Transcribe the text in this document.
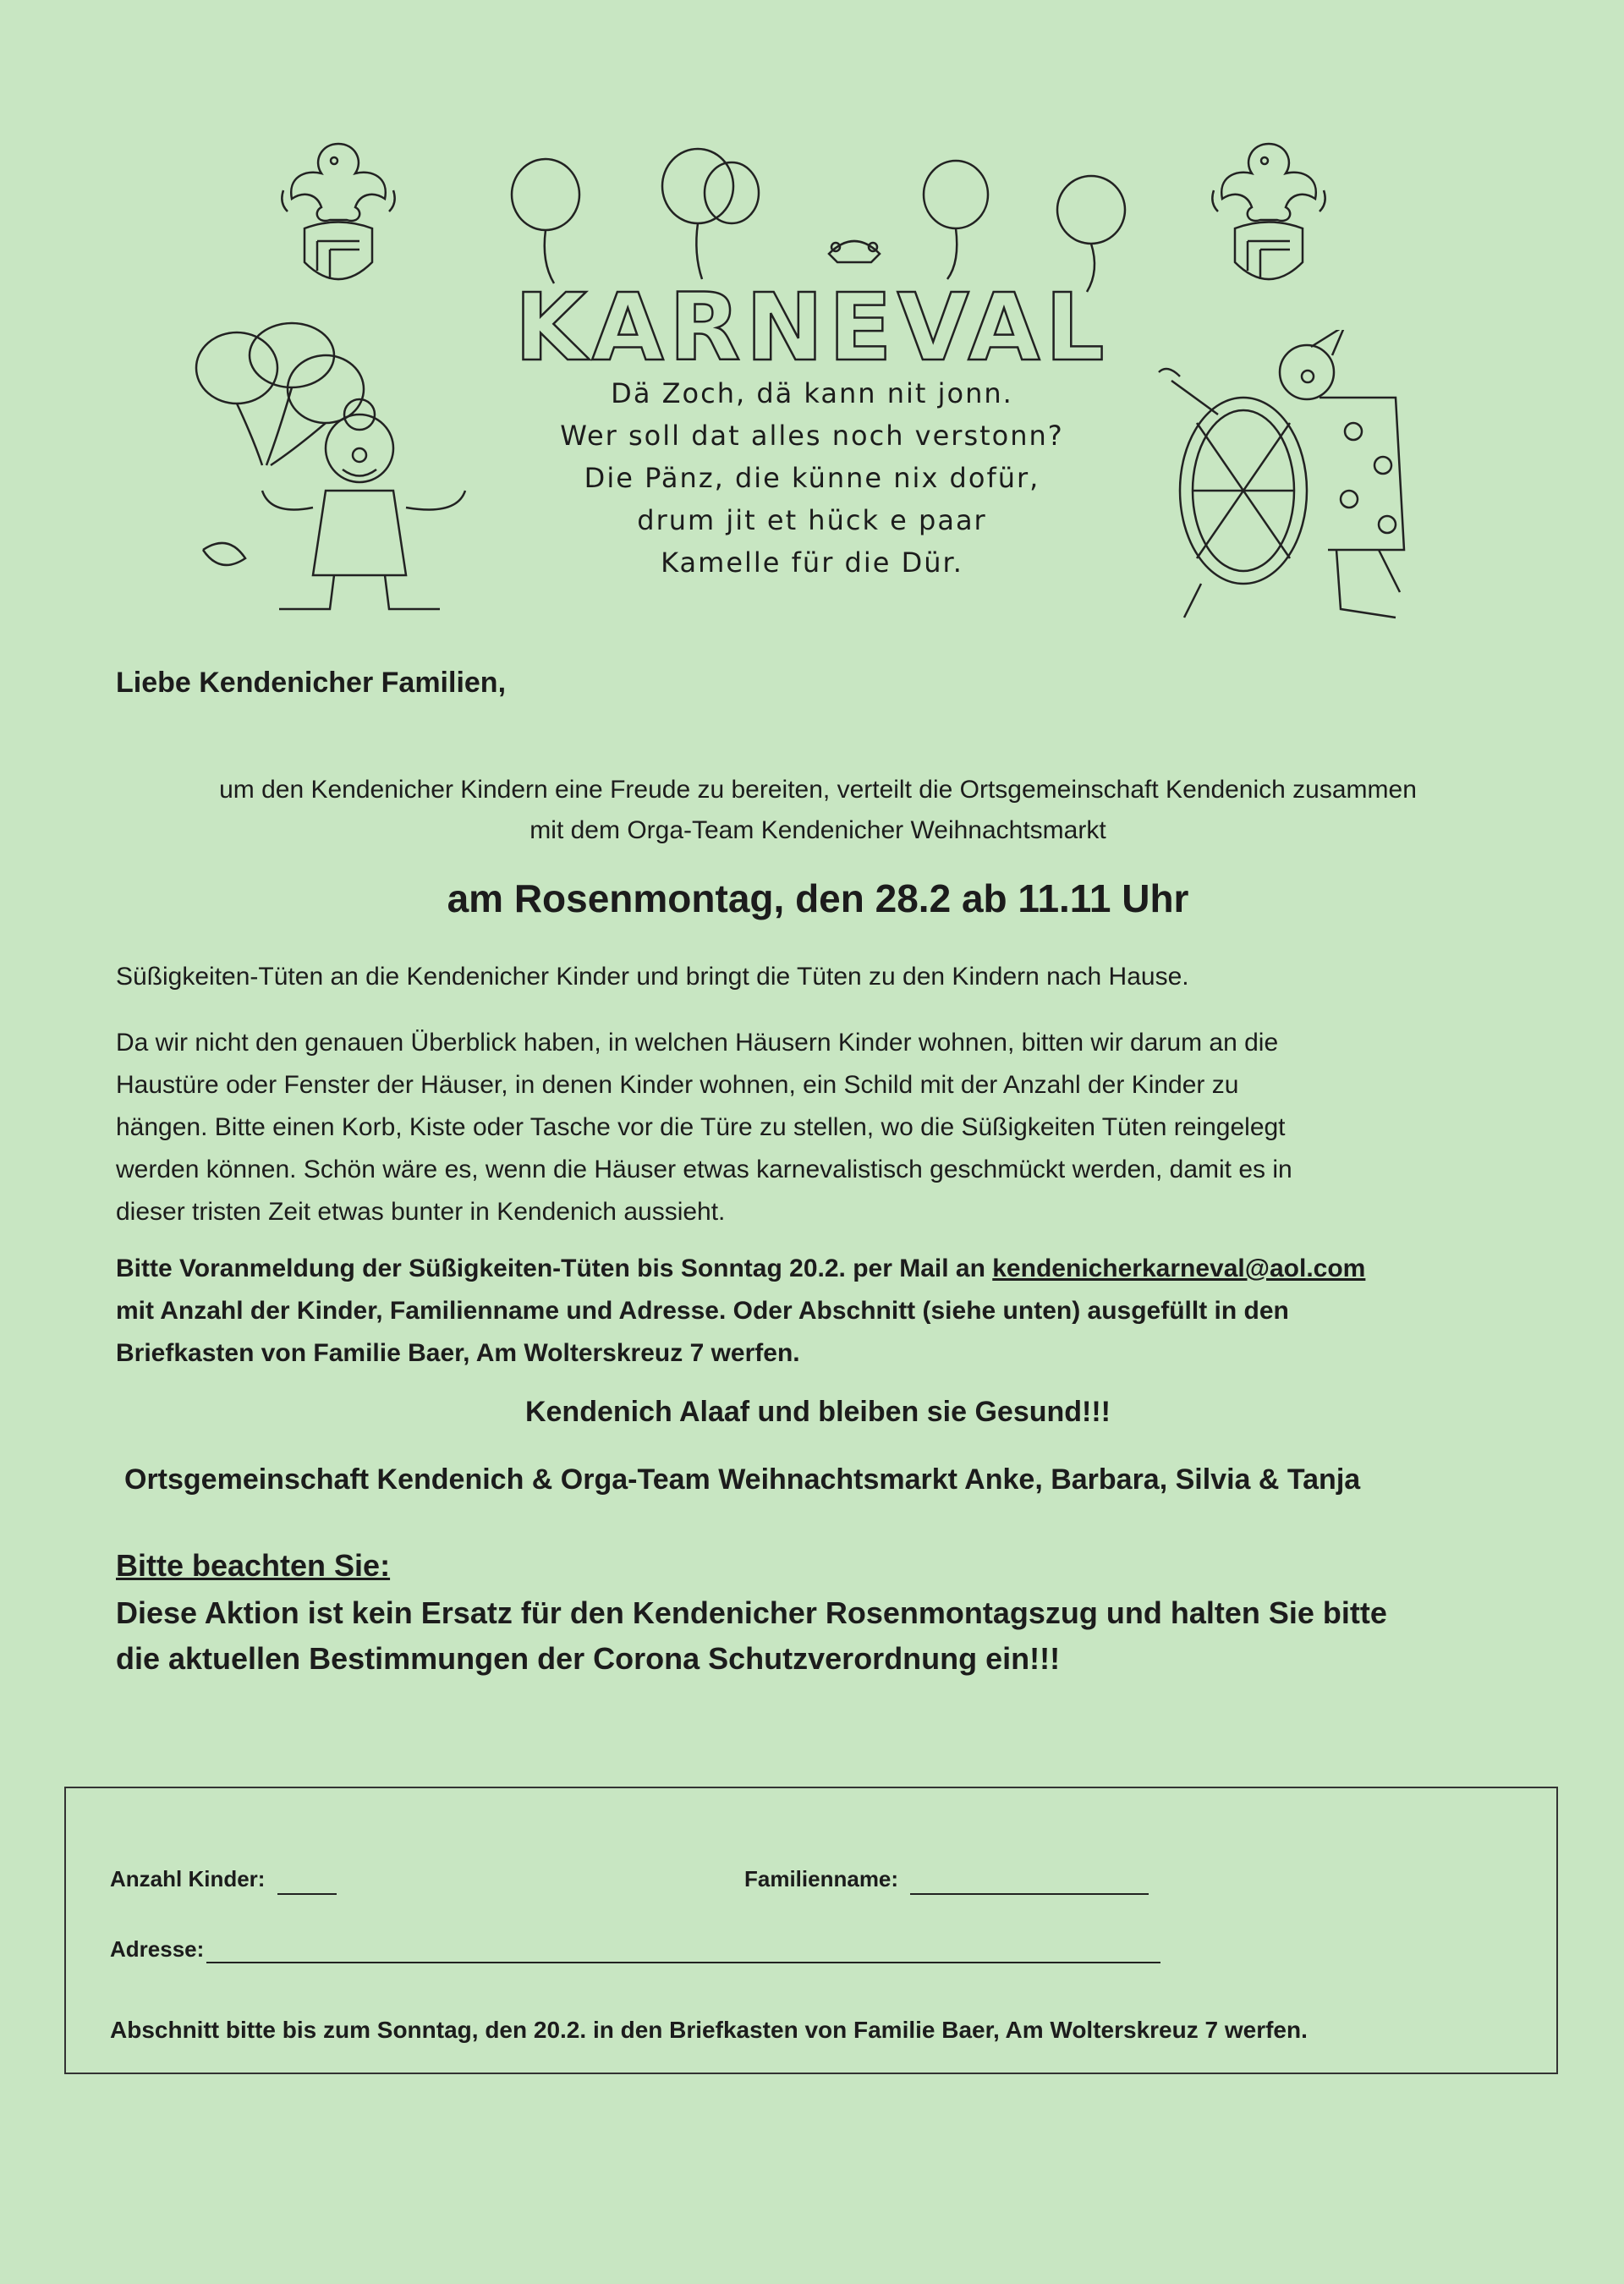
KARNEVAL
Dä Zoch, dä kann nit jonn.
Wer soll dat alles noch verstonn?
Die Pänz, die künne nix dofür,
drum jit et hück e paar
Kamelle für die Dür.
Liebe Kendenicher Familien,
um den Kendenicher Kindern eine Freude zu bereiten, verteilt die Ortsgemeinschaft Kendenich zusammen
mit dem Orga-Team Kendenicher Weihnachtsmarkt
am Rosenmontag, den 28.2 ab 11.11 Uhr
Süßigkeiten-Tüten an die Kendenicher Kinder und bringt die Tüten zu den Kindern nach Hause.
Da wir nicht den genauen Überblick haben, in welchen Häusern Kinder wohnen, bitten wir darum an die
Haustüre oder Fenster der Häuser, in denen Kinder wohnen, ein Schild mit der Anzahl der Kinder zu
hängen. Bitte einen Korb, Kiste oder Tasche vor die Türe zu stellen, wo die Süßigkeiten Tüten reingelegt
werden können. Schön wäre es, wenn die Häuser etwas karnevalistisch geschmückt werden, damit es in
dieser tristen Zeit etwas bunter in Kendenich aussieht.
Bitte Voranmeldung der Süßigkeiten-Tüten bis Sonntag 20.2. per Mail an kendenicherkarneval@aol.com
mit Anzahl der Kinder, Familienname und Adresse. Oder Abschnitt (siehe unten) ausgefüllt in den
Briefkasten von Familie Baer, Am Wolterskreuz 7 werfen.
Kendenich Alaaf und bleiben sie Gesund!!!
Ortsgemeinschaft Kendenich & Orga-Team Weihnachtsmarkt Anke, Barbara, Silvia & Tanja
Bitte beachten Sie:
Diese Aktion ist kein Ersatz für den Kendenicher Rosenmontagszug und halten Sie bitte
die aktuellen Bestimmungen der Corona Schutzverordnung ein!!!
Anzahl Kinder:	Familienname:
Adresse:
Abschnitt bitte bis zum Sonntag, den 20.2. in den Briefkasten von Familie Baer, Am Wolterskreuz 7 werfen.
